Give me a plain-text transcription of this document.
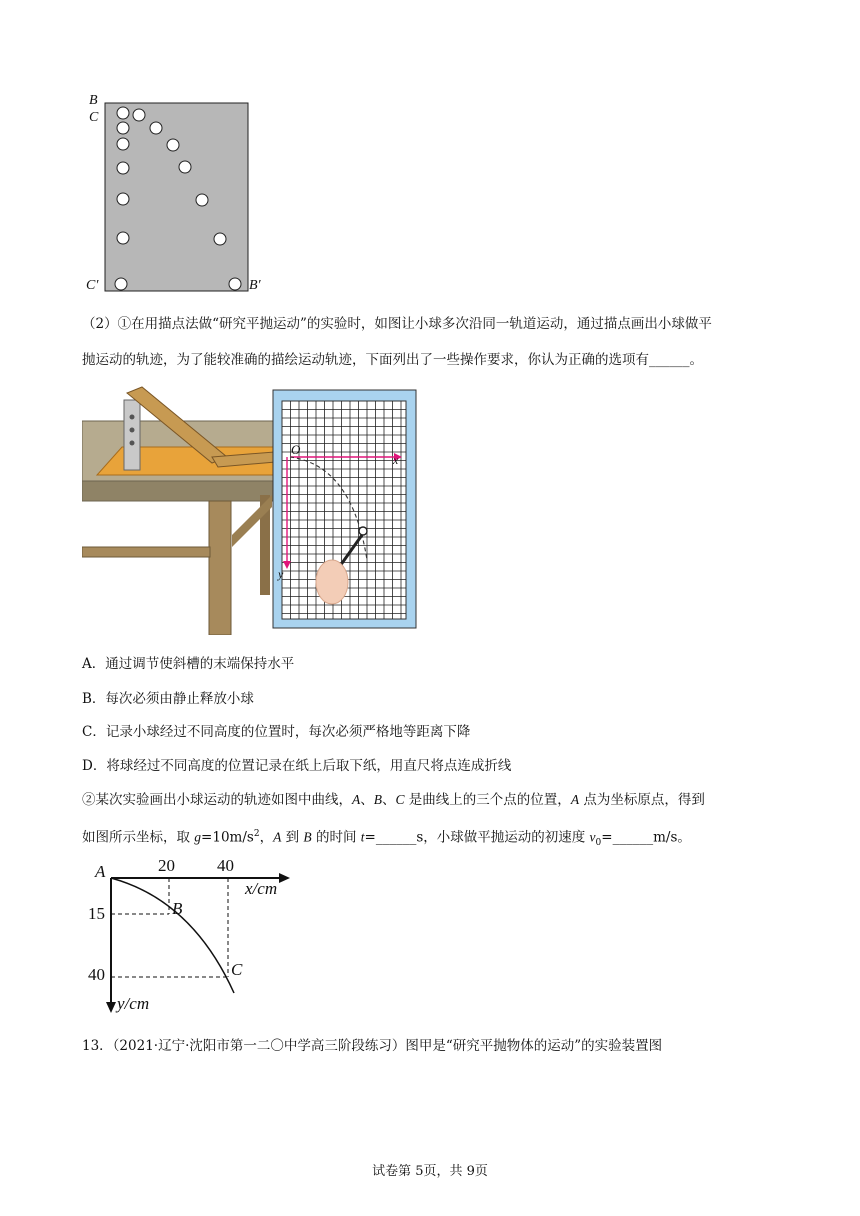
B
C
C′	B′
（2）①在用描点法做“研究平抛运动”的实验时，如图让小球多次沿同一轨道运动，通过描点画出小球做平
抛运动的轨迹，为了能较准确的描绘运动轨迹，下面列出了一些操作要求，你认为正确的选项有______。
O
x
y
A．通过调节使斜槽的末端保持水平
B．每次必须由静止释放小球
C．记录小球经过不同高度的位置时，每次必须严格地等距离下降
D．将球经过不同高度的位置记录在纸上后取下纸，用直尺将点连成折线
②某次实验画出小球运动的轨迹如图中曲线，A、B、C 是曲线上的三个点的位置，A 点为坐标原点，得到
如图所示坐标，取 $g=10m/s^2$，A 到 B 的时间 t=______s，小球做平抛运动的初速度 $v_0=\_\_\_\_\_\_m/s$。
A	20 40
x/cm
B
15
C
40
y/cm
13．（2021·辽宁·沈阳市第一二〇中学高三阶段练习）图甲是“研究平抛物体的运动”的实验装置图
试卷第 5页，共 9页
